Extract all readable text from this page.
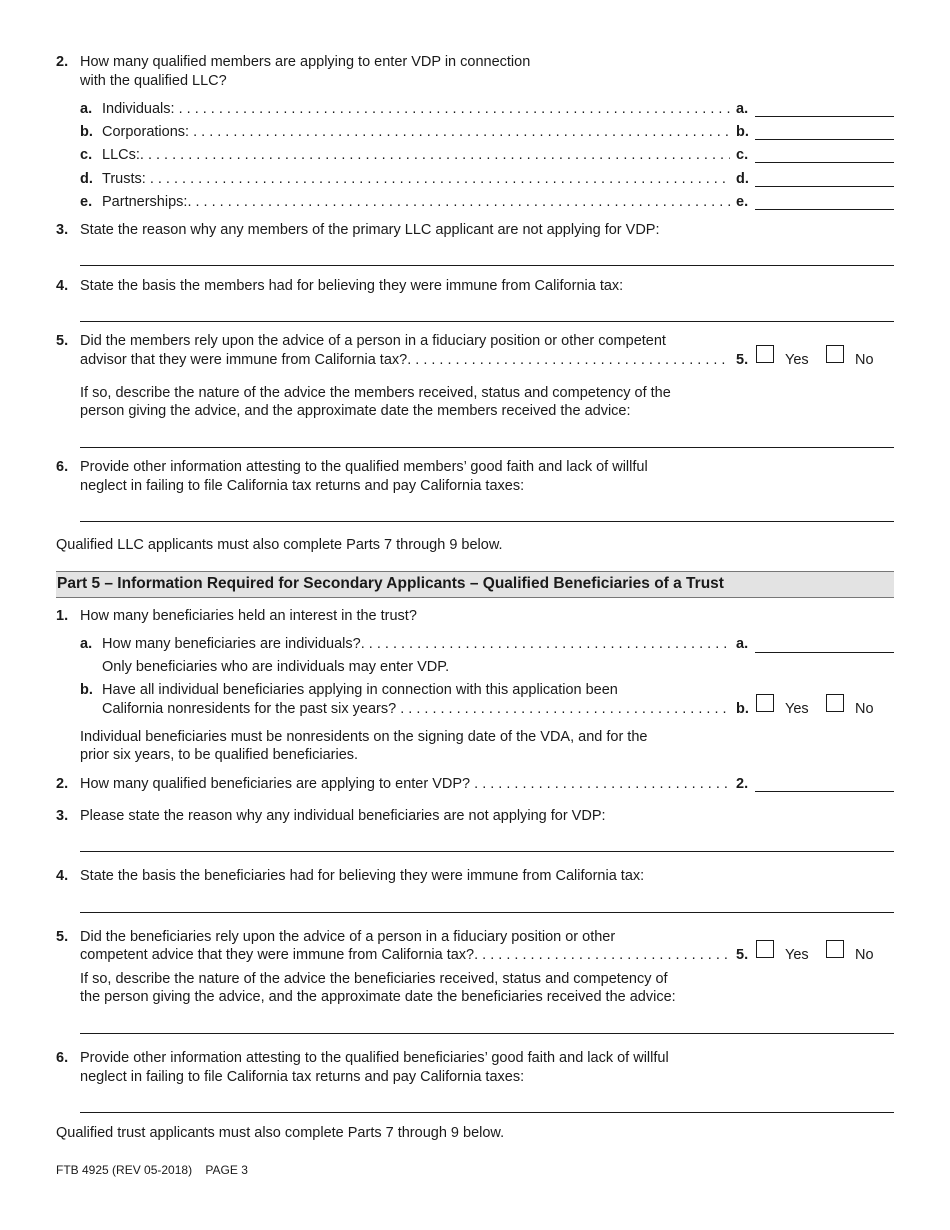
2. How many qualified members are applying to enter VDP in connection
with the qualified LLC?
a. Individuals: . . .	a.
b. Corporations: . . .	b.
c. LLCs: . . .	c.
d. Trusts: . . .	d.
e. Partnerships: . . .	e.
3. State the reason why any members of the primary LLC applicant are not applying for VDP:
4. State the basis the members had for believing they were immune from California tax:
5. Did the members rely upon the advice of a person in a fiduciary position or other competent
advisor that they were immune from California tax? . . .	5.	Yes	No
If so, describe the nature of the advice the members received, status and competency of the
person giving the advice, and the approximate date the members received the advice:
6. Provide other information attesting to the qualified members’ good faith and lack of willful
neglect in failing to file California tax returns and pay California taxes:
Qualified LLC applicants must also complete Parts 7 through 9 below.
Part 5 – Information Required for Secondary Applicants – Qualified Beneficiaries of a Trust
1. How many beneficiaries held an interest in the trust?
a. How many beneficiaries are individuals? . . .	a.
Only beneficiaries who are individuals may enter VDP.
b. Have all individual beneficiaries applying in connection with this application been
California nonresidents for the past six years? . . .	b. Yes	No
Individual beneficiaries must be nonresidents on the signing date of the VDA, and for the
prior six years, to be qualified beneficiaries.
2. How many qualified beneficiaries are applying to enter VDP? . . .	2.
3. Please state the reason why any individual beneficiaries are not applying for VDP:
4. State the basis the beneficiaries had for believing they were immune from California tax:
5. Did the beneficiaries rely upon the advice of a person in a fiduciary position or other
competent advice that they were immune from California tax? . . .	5.	Yes	No
If so, describe the nature of the advice the beneficiaries received, status and competency of
the person giving the advice, and the approximate date the beneficiaries received the advice:
6. Provide other information attesting to the qualified beneficiaries’ good faith and lack of willful
neglect in failing to file California tax returns and pay California taxes:
Qualified trust applicants must also complete Parts 7 through 9 below.
FTB 4925 (REV 05-2018)    PAGE 3
